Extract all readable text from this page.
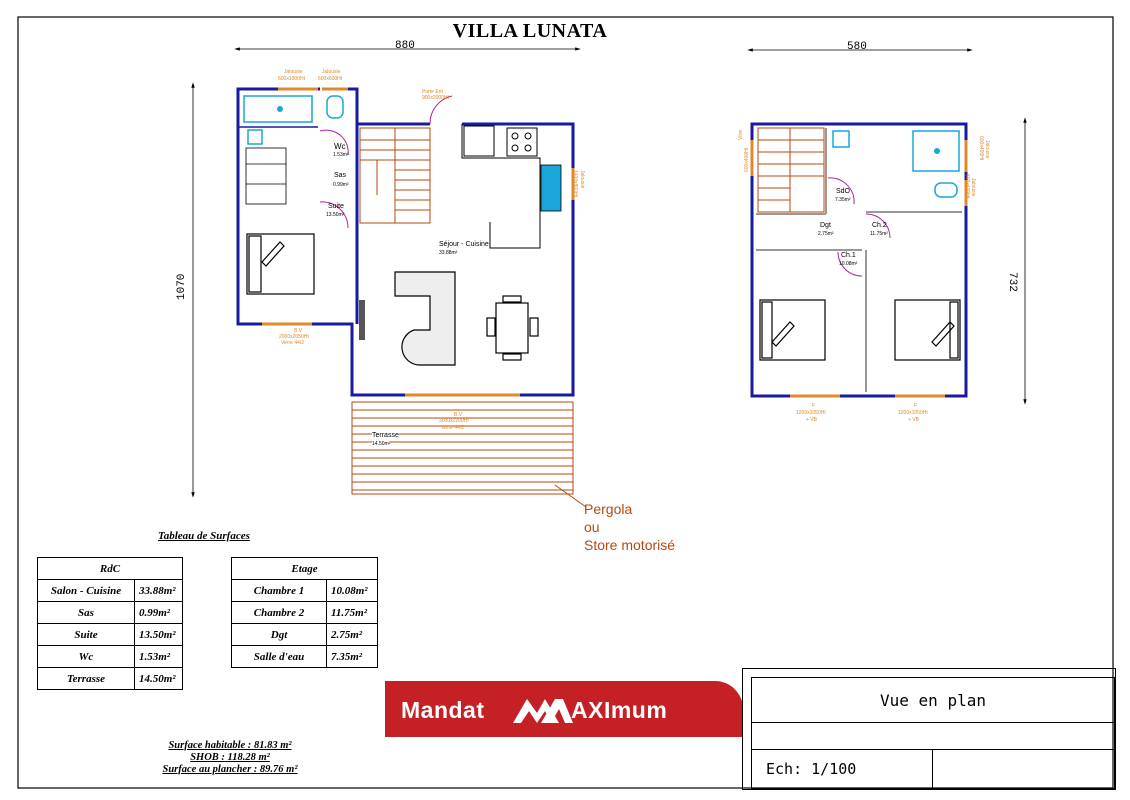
VILLA LUNATA
880
1070
580
732
Wc
1.53m²
Sas
0.99m²
Suite
13.50m²
Séjour - Cuisine
33.88m²
Terrasse
14.50m²
Jalousie
600x1000Ht
Jalousie
600x600Ht
Porte Ent
900x2000Ht
B.V
2000x2050Ht
Verre 44/2
B.V
3000x2200Ht
Verre 44/2
Jalousie
1400x800Ht	SdO
7.35m²
Dgt
2.75m²
Ch.2
11.75m²
Ch.1
10.08m²
Vitre
600x400Ht	Jalousie
600x400Ht
Jalousie
600x400Ht
F
1200x1050Ht
+ VB
F
1200x1050Ht
+ VB
Pergola
ou
Store motorisé
Tableau de Surfaces
RdC	
Salon - Cuisine	33.88m²
Sas	0.99m²
Suite	13.50m²
Wc	1.53m²
Terrasse	14.50m²
Etage	
Chambre 1	10.08m²
Chambre 2	11.75m²
Dgt	2.75m²
Salle d'eau	7.35m²
Surface habitable : 81.83 m²
SHOB : 118.28 m²
Surface au plancher : 89.76 m²
Mandat	AXImum	Vue en plan
Ech: 1/100
